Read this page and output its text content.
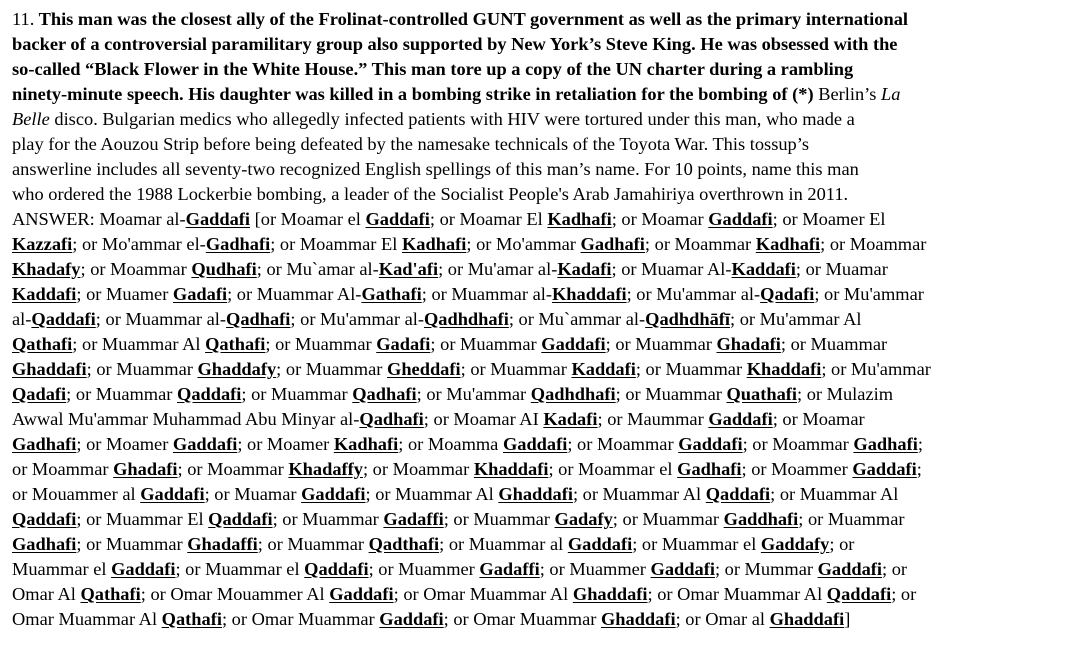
11. This man was the closest ally of the Frolinat-controlled GUNT government as well as the primary international
backer of a controversial paramilitary group also supported by New York’s Steve King. He was obsessed with the
so-called “Black Flower in the White House.” This man tore up a copy of the UN charter during a rambling
ninety-minute speech. His daughter was killed in a bombing strike in retaliation for the bombing of (*) Berlin’s La
Belle disco. Bulgarian medics who allegedly infected patients with HIV were tortured under this man, who made a
play for the Aouzou Strip before being defeated by the namesake technicals of the Toyota War. This tossup’s
answerline includes all seventy-two recognized English spellings of this man’s name. For 10 points, name this man
who ordered the 1988 Lockerbie bombing, a leader of the Socialist People's Arab Jamahiriya overthrown in 2011.
ANSWER: Moamar al-Gaddafi [or Moamar el Gaddafi; or Moamar El Kadhafi; or Moamar Gaddafi; or Moamer El
Kazzafi; or Mo'ammar el-Gadhafi; or Moammar El Kadhafi; or Mo'ammar Gadhafi; or Moammar Kadhafi; or Moammar
Khadafy; or Moammar Qudhafi; or Mu`amar al-Kad'afi; or Mu'amar al-Kadafi; or Muamar Al-Kaddafi; or Muamar
Kaddafi; or Muamer Gadafi; or Muammar Al-Gathafi; or Muammar al-Khaddafi; or Mu'ammar al-Qadafi; or Mu'ammar
al-Qaddafi; or Muammar al-Qadhafi; or Mu'ammar al-Qadhdhafi; or Mu`ammar al-Qadhdhāfī; or Mu'ammar Al
Qathafi; or Muammar Al Qathafi; or Muammar Gadafi; or Muammar Gaddafi; or Muammar Ghadafi; or Muammar
Ghaddafi; or Muammar Ghaddafy; or Muammar Gheddafi; or Muammar Kaddafi; or Muammar Khaddafi; or Mu'ammar
Qadafi; or Muammar Qaddafi; or Muammar Qadhafi; or Mu'ammar Qadhdhafi; or Muammar Quathafi; or Mulazim
Awwal Mu'ammar Muhammad Abu Minyar al-Qadhafi; or Moamar AI Kadafi; or Maummar Gaddafi; or Moamar
Gadhafi; or Moamer Gaddafi; or Moamer Kadhafi; or Moamma Gaddafi; or Moammar Gaddafi; or Moammar Gadhafi;
or Moammar Ghadafi; or Moammar Khadaffy; or Moammar Khaddafi; or Moammar el Gadhafi; or Moammer Gaddafi;
or Mouammer al Gaddafi; or Muamar Gaddafi; or Muammar Al Ghaddafi; or Muammar Al Qaddafi; or Muammar Al
Qaddafi; or Muammar El Qaddafi; or Muammar Gadaffi; or Muammar Gadafy; or Muammar Gaddhafi; or Muammar
Gadhafi; or Muammar Ghadaffi; or Muammar Qadthafi; or Muammar al Gaddafi; or Muammar el Gaddafy; or
Muammar el Gaddafi; or Muammar el Qaddafi; or Muammer Gadaffi; or Muammer Gaddafi; or Mummar Gaddafi; or
Omar Al Qathafi; or Omar Mouammer Al Gaddafi; or Omar Muammar Al Ghaddafi; or Omar Muammar Al Qaddafi; or
Omar Muammar Al Qathafi; or Omar Muammar Gaddafi; or Omar Muammar Ghaddafi; or Omar al Ghaddafi]
